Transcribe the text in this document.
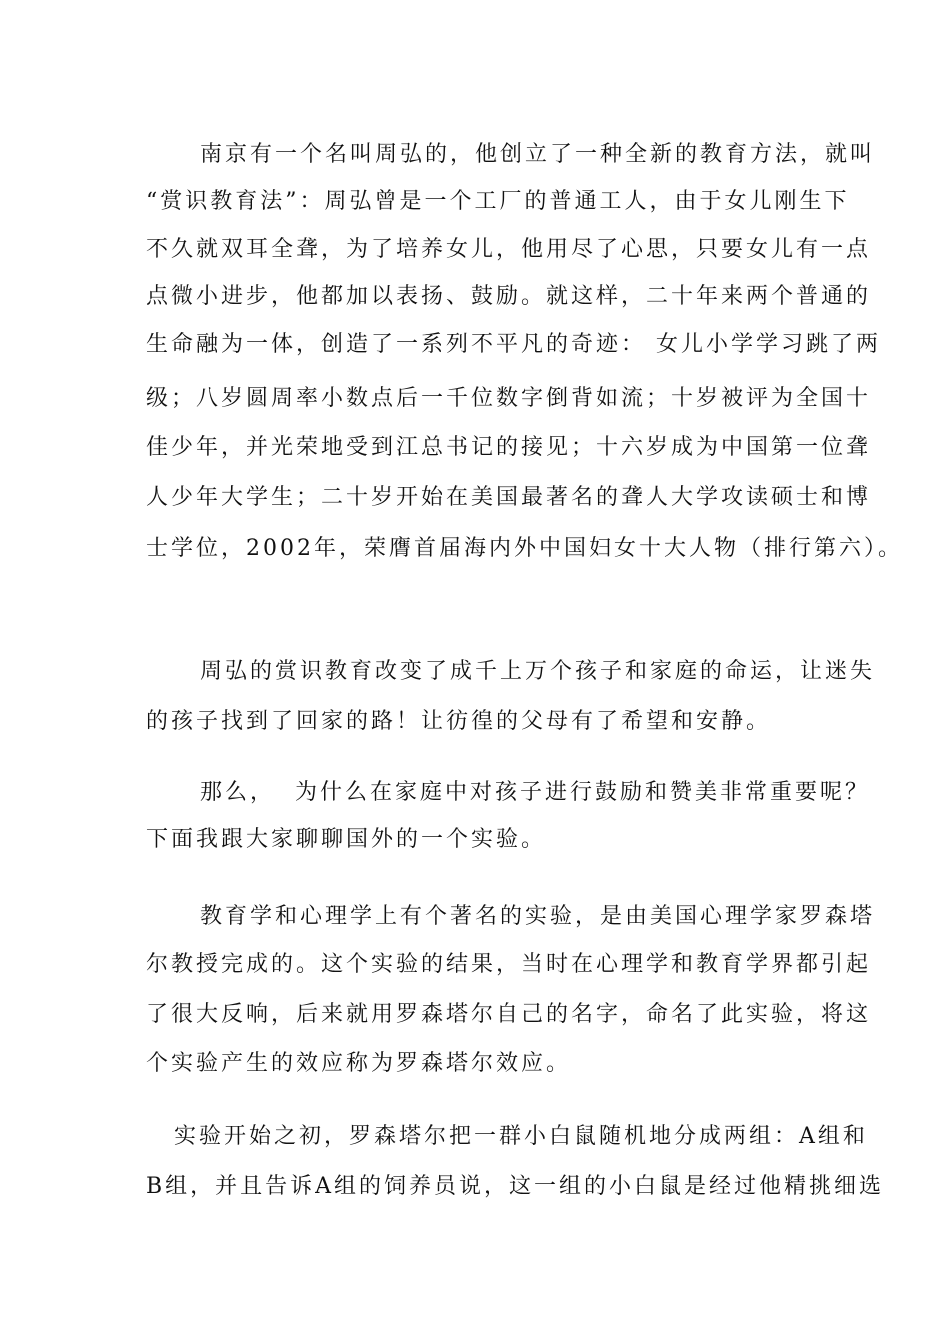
南京有一个名叫周弘的，他创立了一种全新的教育方法，就叫
“赏识教育法”：周弘曾是一个工厂的普通工人，由于女儿刚生下
不久就双耳全聋，为了培养女儿，他用尽了心思，只要女儿有一点
点微小进步，他都加以表扬、鼓励。就这样，二十年来两个普通的
生命融为一体，创造了一系列不平凡的奇迹： 女儿小学学习跳了两
级；八岁圆周率小数点后一千位数字倒背如流；十岁被评为全国十
佳少年，并光荣地受到江总书记的接见；十六岁成为中国第一位聋
人少年大学生；二十岁开始在美国最著名的聋人大学攻读硕士和博
士学位，2002年，荣膺首届海内外中国妇女十大人物（排行第六）。
周弘的赏识教育改变了成千上万个孩子和家庭的命运，让迷失
的孩子找到了回家的路！让彷徨的父母有了希望和安静。
那么，  为什么在家庭中对孩子进行鼓励和赞美非常重要呢？
下面我跟大家聊聊国外的一个实验。
教育学和心理学上有个著名的实验，是由美国心理学家罗森塔
尔教授完成的。这个实验的结果，当时在心理学和教育学界都引起
了很大反响，后来就用罗森塔尔自己的名字，命名了此实验，将这
个实验产生的效应称为罗森塔尔效应。
实验开始之初，罗森塔尔把一群小白鼠随机地分成两组：A组和
B组，并且告诉A组的饲养员说，这一组的小白鼠是经过他精挑细选
